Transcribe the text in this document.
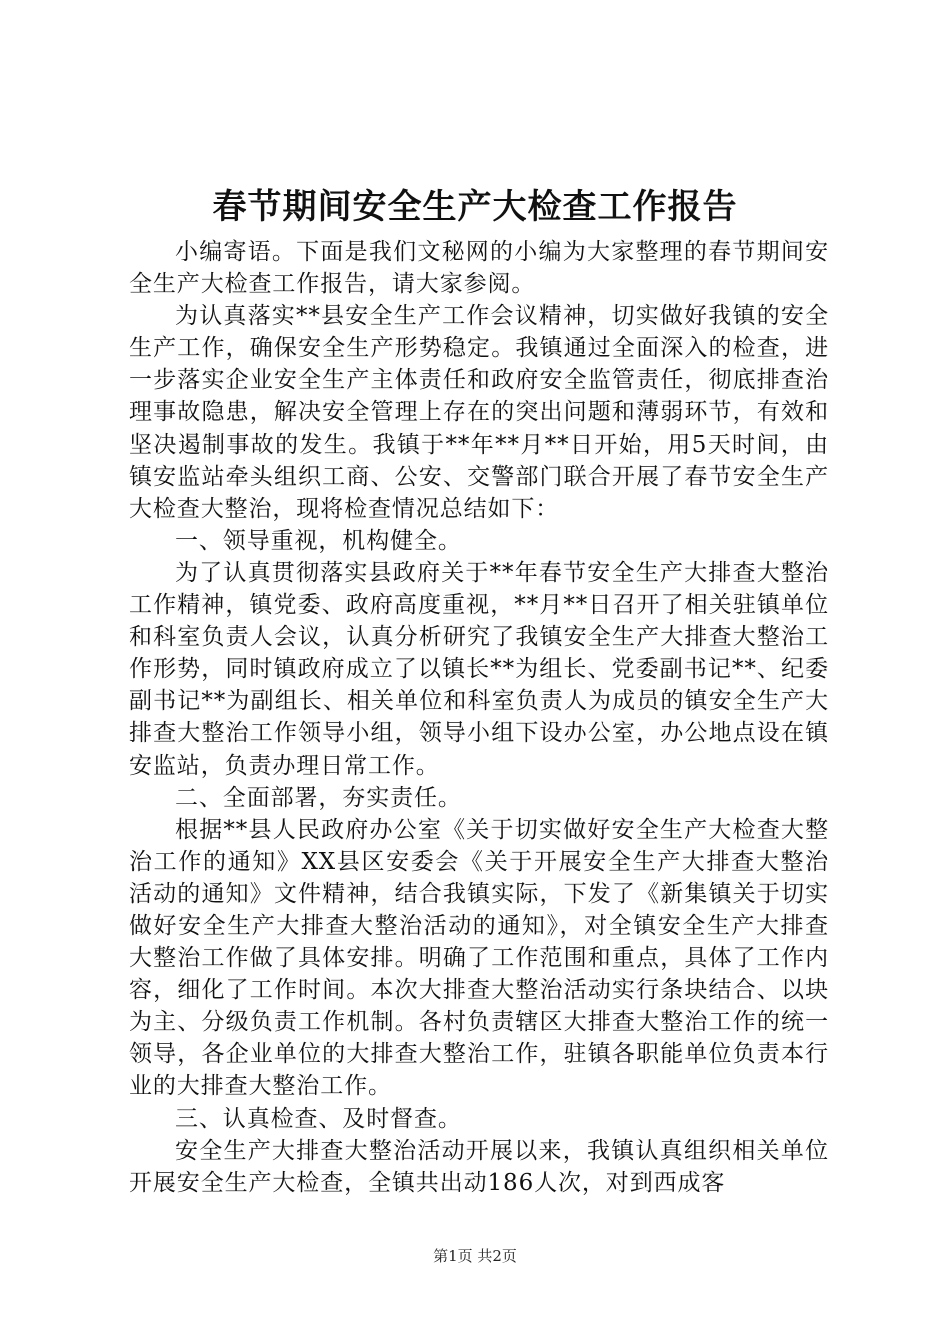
春节期间安全生产大检查工作报告

小编寄语。下面是我们文秘网的小编为大家整理的春节期间安全生产大检查工作报告，请大家参阅。

为认真落实**县安全生产工作会议精神，切实做好我镇的安全生产工作，确保安全生产形势稳定。我镇通过全面深入的检查，进一步落实企业安全生产主体责任和政府安全监管责任，彻底排查治理事故隐患，解决安全管理上存在的突出问题和薄弱环节，有效和坚决遏制事故的发生。我镇于**年**月**日开始，用5天时间，由镇安监站牵头组织工商、公安、交警部门联合开展了春节安全生产大检查大整治，现将检查情况总结如下：

一、领导重视，机构健全。

为了认真贯彻落实县政府关于**年春节安全生产大排查大整治工作精神，镇党委、政府高度重视，**月**日召开了相关驻镇单位和科室负责人会议，认真分析研究了我镇安全生产大排查大整治工作形势，同时镇政府成立了以镇长**为组长、党委副书记**、纪委副书记**为副组长、相关单位和科室负责人为成员的镇安全生产大排查大整治工作领导小组，领导小组下设办公室，办公地点设在镇安监站，负责办理日常工作。

二、全面部署，夯实责任。

根据**县人民政府办公室《关于切实做好安全生产大检查大整治工作的通知》XX县区安委会《关于开展安全生产大排查大整治活动的通知》文件精神，结合我镇实际，下发了《新集镇关于切实做好安全生产大排查大整治活动的通知》，对全镇安全生产大排查大整治工作做了具体安排。明确了工作范围和重点，具体了工作内容，细化了工作时间。本次大排查大整治活动实行条块结合、以块为主、分级负责工作机制。各村负责辖区大排查大整治工作的统一领导，各企业单位的大排查大整治工作，驻镇各职能单位负责本行业的大排查大整治工作。

三、认真检查、及时督查。

安全生产大排查大整治活动开展以来，我镇认真组织相关单位开展安全生产大检查，全镇共出动186人次，对到西成客

第1页 共2页
